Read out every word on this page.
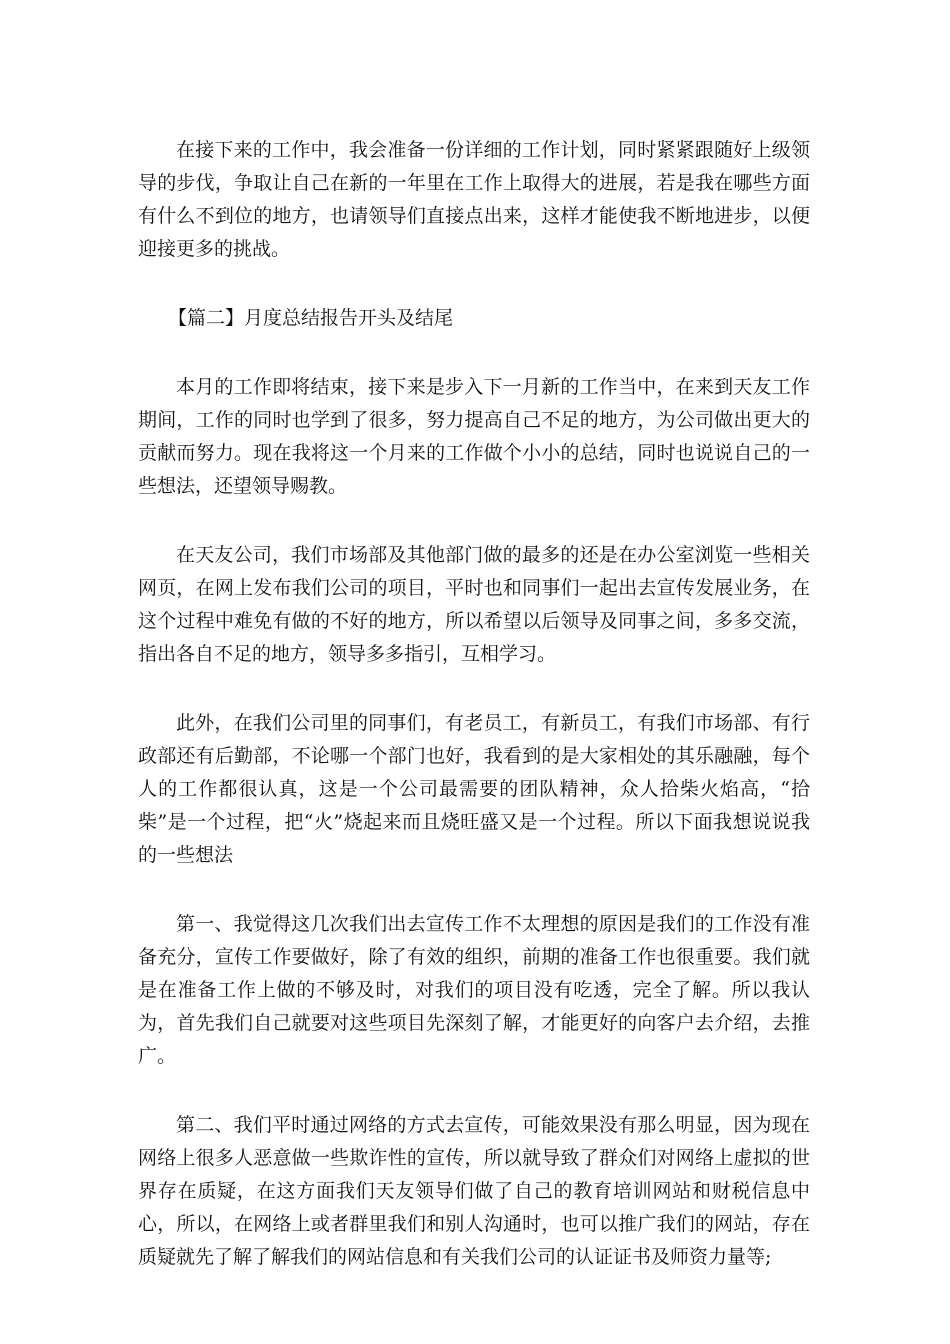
在接下来的工作中，我会准备一份详细的工作计划，同时紧紧跟随好上级领导的步伐，争取让自己在新的一年里在工作上取得大的进展，若是我在哪些方面有什么不到位的地方，也请领导们直接点出来，这样才能使我不断地进步，以便迎接更多的挑战。

【篇二】月度总结报告开头及结尾

本月的工作即将结束，接下来是步入下一月新的工作当中，在来到天友工作期间，工作的同时也学到了很多，努力提高自己不足的地方，为公司做出更大的贡献而努力。现在我将这一个月来的工作做个小小的总结，同时也说说自己的一些想法，还望领导赐教。

在天友公司，我们市场部及其他部门做的最多的还是在办公室浏览一些相关网页，在网上发布我们公司的项目，平时也和同事们一起出去宣传发展业务，在这个过程中难免有做的不好的地方，所以希望以后领导及同事之间，多多交流，指出各自不足的地方，领导多多指引，互相学习。

此外，在我们公司里的同事们，有老员工，有新员工，有我们市场部、有行政部还有后勤部，不论哪一个部门也好，我看到的是大家相处的其乐融融，每个人的工作都很认真，这是一个公司最需要的团队精神，众人拾柴火焰高，“拾柴”是一个过程，把“火”烧起来而且烧旺盛又是一个过程。所以下面我想说说我的一些想法

第一、我觉得这几次我们出去宣传工作不太理想的原因是我们的工作没有准备充分，宣传工作要做好，除了有效的组织，前期的准备工作也很重要。我们就是在准备工作上做的不够及时，对我们的项目没有吃透，完全了解。所以我认为，首先我们自己就要对这些项目先深刻了解，才能更好的向客户去介绍，去推广。

第二、我们平时通过网络的方式去宣传，可能效果没有那么明显，因为现在网络上很多人恶意做一些欺诈性的宣传，所以就导致了群众们对网络上虚拟的世界存在质疑，在这方面我们天友领导们做了自己的教育培训网站和财税信息中心，所以，在网络上或者群里我们和别人沟通时，也可以推广我们的网站，存在质疑就先了解了解我们的网站信息和有关我们公司的认证证书及师资力量等;
